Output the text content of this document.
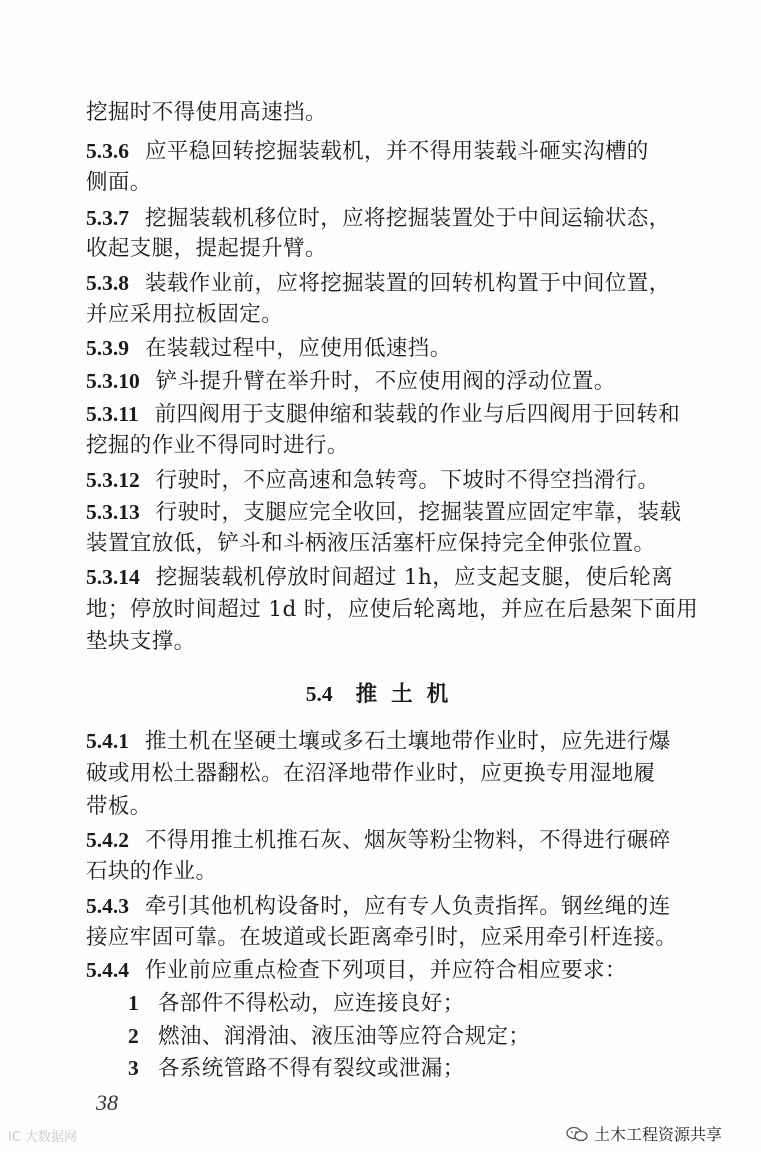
挖掘时不得使用高速挡。
5.3.6 应平稳回转挖掘装载机，并不得用装载斗砸实沟槽的
侧面。
5.3.7 挖掘装载机移位时，应将挖掘装置处于中间运输状态，
收起支腿，提起提升臂。
5.3.8 装载作业前，应将挖掘装置的回转机构置于中间位置，
并应采用拉板固定。
5.3.9 在装载过程中，应使用低速挡。
5.3.10 铲斗提升臂在举升时，不应使用阀的浮动位置。
5.3.11 前四阀用于支腿伸缩和装载的作业与后四阀用于回转和
挖掘的作业不得同时进行。
5.3.12 行驶时，不应高速和急转弯。下坡时不得空挡滑行。
5.3.13 行驶时，支腿应完全收回，挖掘装置应固定牢靠，装载
装置宜放低，铲斗和斗柄液压活塞杆应保持完全伸张位置。
5.3.14 挖掘装载机停放时间超过 1h，应支起支腿，使后轮离
地；停放时间超过 1d 时，应使后轮离地，并应在后悬架下面用
垫块支撑。
5.4 推 土 机
5.4.1 推土机在坚硬土壤或多石土壤地带作业时，应先进行爆
破或用松土器翻松。在沼泽地带作业时，应更换专用湿地履
带板。
5.4.2 不得用推土机推石灰、烟灰等粉尘物料，不得进行碾碎
石块的作业。
5.4.3 牵引其他机构设备时，应有专人负责指挥。钢丝绳的连
接应牢固可靠。在坡道或长距离牵引时，应采用牵引杆连接。
5.4.4 作业前应重点检查下列项目，并应符合相应要求：
1 各部件不得松动，应连接良好；
2 燃油、润滑油、液压油等应符合规定；
3 各系统管路不得有裂纹或泄漏；
38
土木工程资源共享
IC 大数据网
